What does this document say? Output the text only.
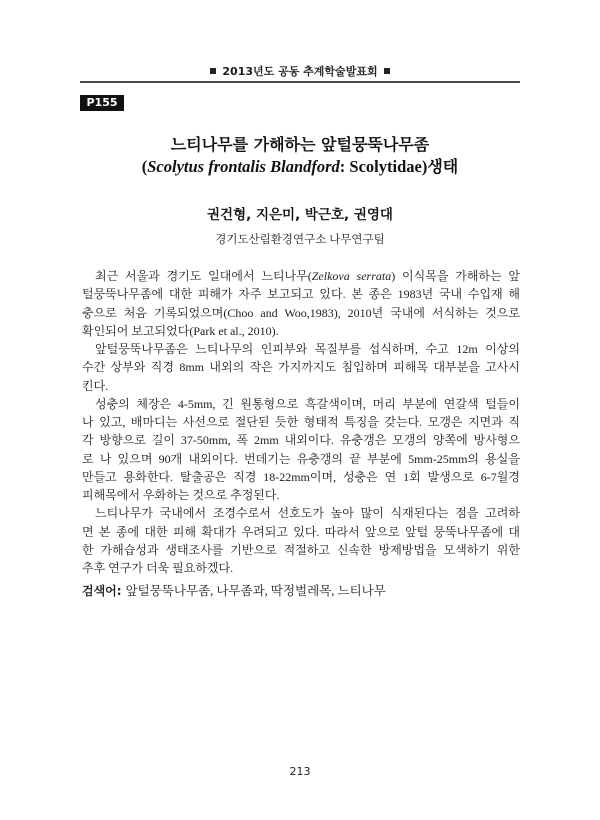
2013년도 공동 추계학술발표회
P155
느티나무를 가해하는 앞털뭉뚝나무좀
(Scolytus frontalis Blandford: Scolytidae)생태
권건형, 지은미, 박근호, 권영대
경기도산림환경연구소 나무연구팀
최근 서울과 경기도 일대에서 느티나무(Zelkova serrata) 이식목을 가해하는 앞
털뭉뚝나무좀에 대한 피해가 자주 보고되고 있다. 본 종은 1983년 국내 수입재 해
충으로 처음 기록되었으며(Choo and Woo,1983), 2010년 국내에 서식하는 것으로
확인되어 보고되었다(Park et al., 2010).
앞털뭉뚝나무좀은 느티나무의 인피부와 목질부를 섭식하며, 수고 12m 이상의
수간 상부와 직경 8mm 내외의 작은 가지까지도 침입하며 피해목 대부분을 고사시
킨다.
성충의 체장은 4-5mm, 긴 원통형으로 흑갈색이며, 머리 부분에 연갈색 털들이
나 있고, 배마디는 사선으로 절단된 듯한 형태적 특징을 갖는다. 모갱은 지면과 직
각 방향으로 길이 37-50mm, 폭 2mm 내외이다. 유충갱은 모갱의 양쪽에 방사형으
로 나 있으며 90개 내외이다. 번데기는 유충갱의 끝 부분에 5mm-25mm의 용실을
만들고 용화한다. 탈출공은 직경 18-22mm이며, 성충은 연 1회 발생으로 6-7월경
피해목에서 우화하는 것으로 추정된다.
느티나무가 국내에서 조경수로서 선호도가 높아 많이 식재된다는 점을 고려하
면 본 종에 대한 피해 확대가 우려되고 있다. 따라서 앞으로 앞털 뭉뚝나무좀에 대
한 가해습성과 생태조사를 기반으로 적절하고 신속한 방제방법을 모색하기 위한
추후 연구가 더욱 필요하겠다.
검색어: 앞털뭉뚝나무좀, 나무좀과, 딱정벌레목, 느티나무
213
